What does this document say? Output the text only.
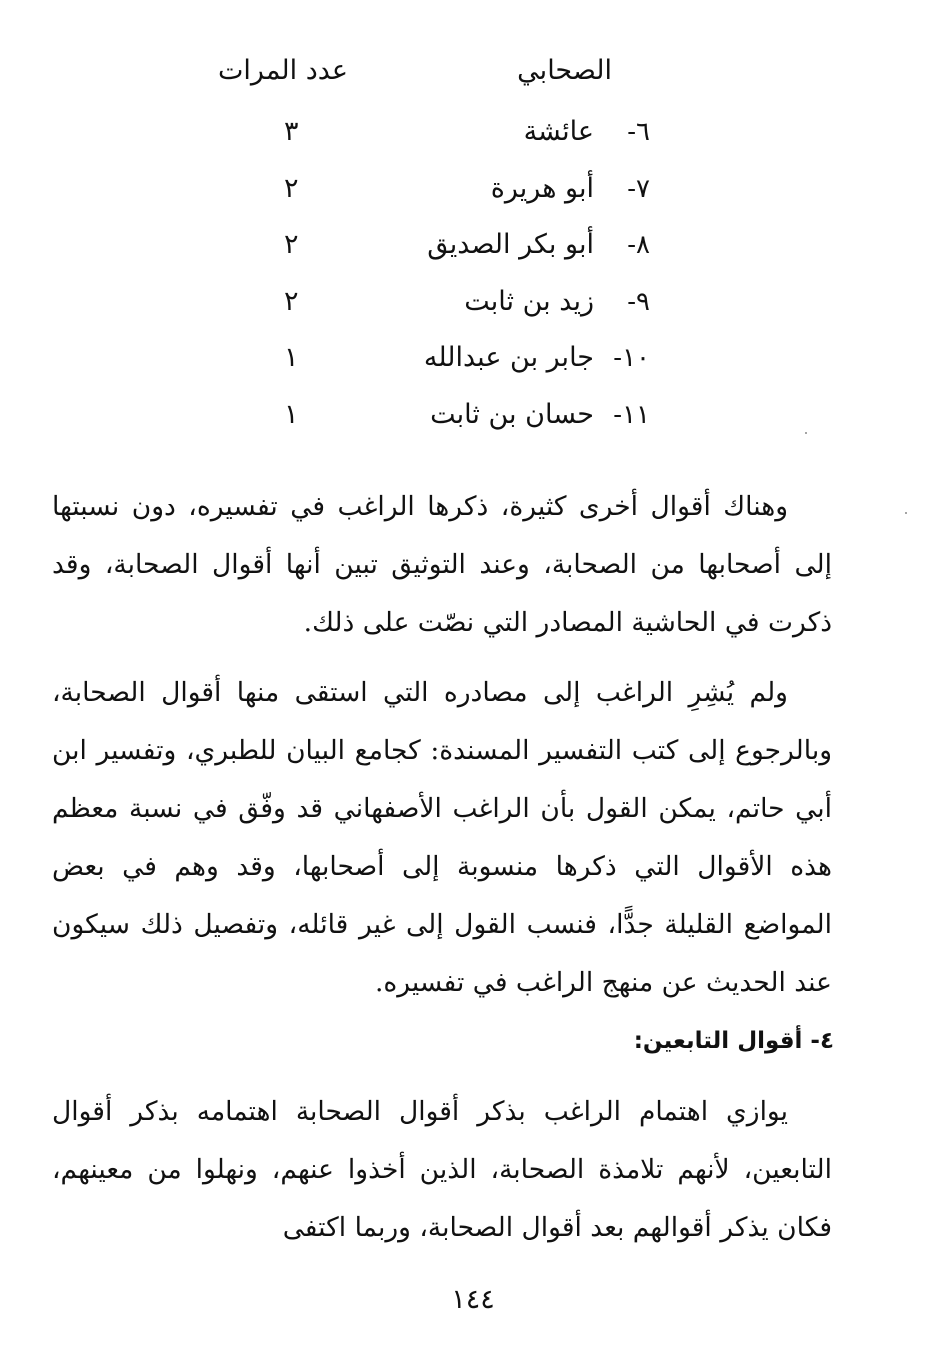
الصحابي
عدد المرات
٦-
عائشة
٣
٧-
أبو هريرة
٢
٨-
أبو بكر الصديق
٢
٩-
زيد بن ثابت
٢
١٠-
جابر بن عبدالله
١
١١-
حسان بن ثابت
١

وهناك أقوال أخرى كثيرة، ذكرها الراغب في تفسيره، دون نسبتها إلى أصحابها من الصحابة، وعند التوثيق تبين أنها أقوال الصحابة، وقد ذكرت في الحاشية المصادر التي نصّت على ذلك.

ولم يُشِرِ الراغب إلى مصادره التي استقى منها أقوال الصحابة، وبالرجوع إلى كتب التفسير المسندة: كجامع البيان للطبري، وتفسير ابن أبي حاتم، يمكن القول بأن الراغب الأصفهاني قد وفّق في نسبة معظم هذه الأقوال التي ذكرها منسوبة إلى أصحابها، وقد وهم في بعض المواضع القليلة جدًّا، فنسب القول إلى غير قائله، وتفصيل ذلك سيكون عند الحديث عن منهج الراغب في تفسيره.

٤- أقوال التابعين:

يوازي اهتمام الراغب بذكر أقوال الصحابة اهتمامه بذكر أقوال التابعين، لأنهم تلامذة الصحابة، الذين أخذوا عنهم، ونهلوا من معينهم، فكان يذكر أقوالهم بعد أقوال الصحابة، وربما اكتفى

١٤٤
